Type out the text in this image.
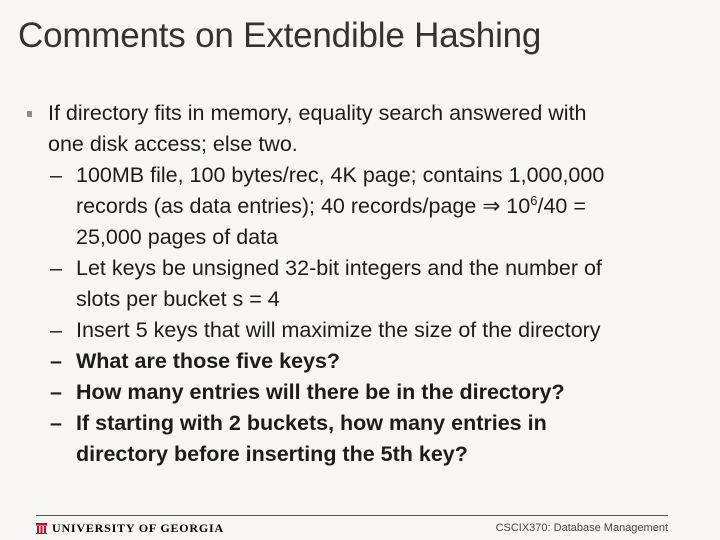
Comments on Extendible Hashing
If directory fits in memory, equality search answered with
one disk access; else two.
– 100MB file, 100 bytes/rec, 4K page; contains 1,000,000
records (as data entries); 40 records/page ⇒ $10^6/40$ =
25,000 pages of data
– Let keys be unsigned 32-bit integers and the number of
slots per bucket s = 4
– Insert 5 keys that will maximize the size of the directory
– What are those five keys?
– How many entries will there be in the directory?
– If starting with 2 buckets, how many entries in
directory before inserting the 5th key?
UNIVERSITY OF GEORGIA	CSCIX370: Database Management
